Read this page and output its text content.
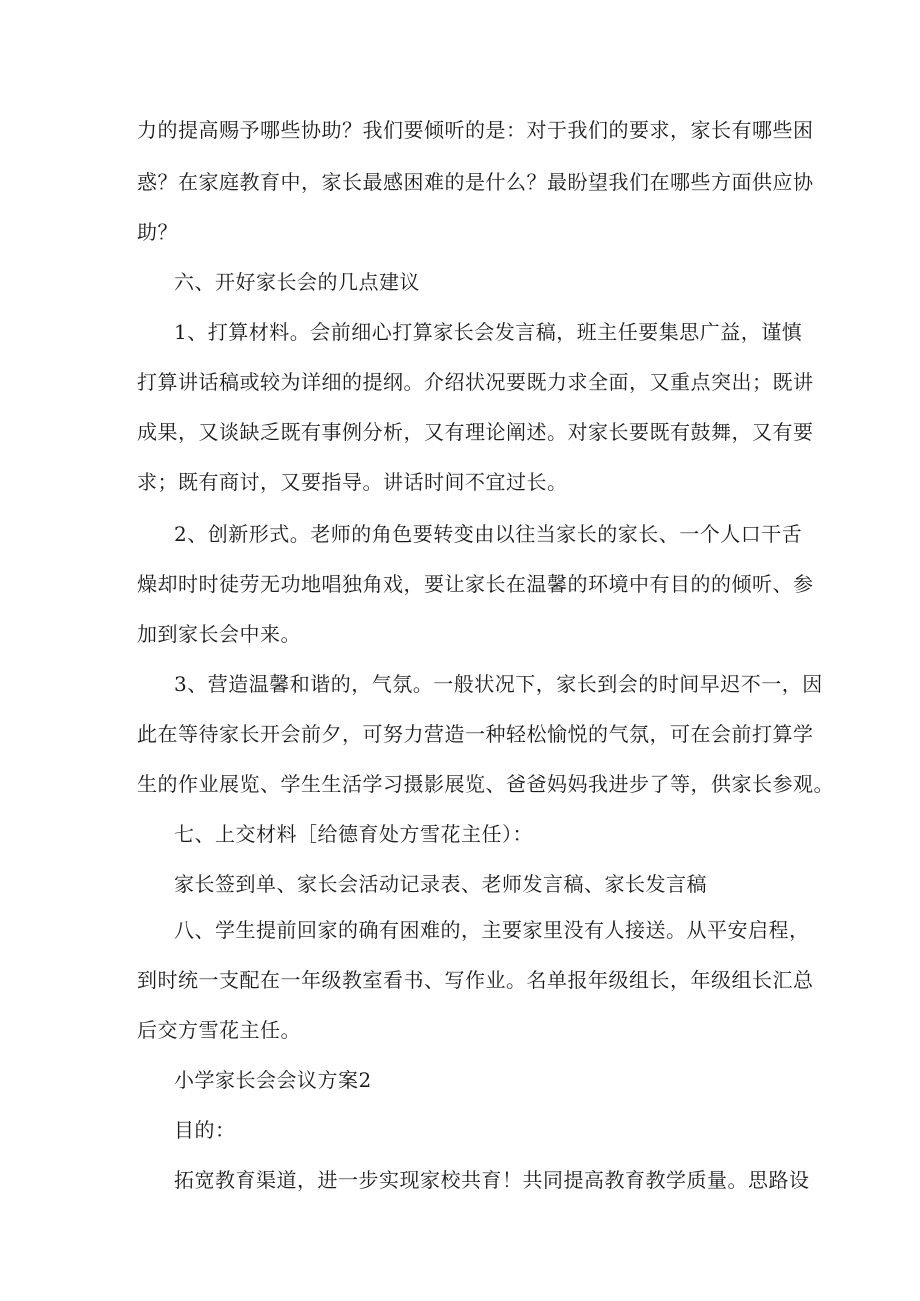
力的提高赐予哪些协助？我们要倾听的是：对于我们的要求，家长有哪些困
惑？在家庭教育中，家长最感困难的是什么？最盼望我们在哪些方面供应协
助？
六、开好家长会的几点建议
1、打算材料。会前细心打算家长会发言稿，班主任要集思广益，谨慎
打算讲话稿或较为详细的提纲。介绍状况要既力求全面，又重点突出；既讲
成果，又谈缺乏既有事例分析，又有理论阐述。对家长要既有鼓舞，又有要
求；既有商讨，又要指导。讲话时间不宜过长。
2、创新形式。老师的角色要转变由以往当家长的家长、一个人口干舌
燥却时时徒劳无功地唱独角戏，要让家长在温馨的环境中有目的的倾听、参
加到家长会中来。
3、营造温馨和谐的，气氛。一般状况下，家长到会的时间早迟不一，因
此在等待家长开会前夕，可努力营造一种轻松愉悦的气氛，可在会前打算学
生的作业展览、学生生活学习摄影展览、爸爸妈妈我进步了等，供家长参观。
七、上交材料［给德育处方雪花主任）：
家长签到单、家长会活动记录表、老师发言稿、家长发言稿
八、学生提前回家的确有困难的，主要家里没有人接送。从平安启程，
到时统一支配在一年级教室看书、写作业。名单报年级组长，年级组长汇总
后交方雪花主任。
小学家长会会议方案2
目的：
拓宽教育渠道，进一步实现家校共育！共同提高教育教学质量。思路设
